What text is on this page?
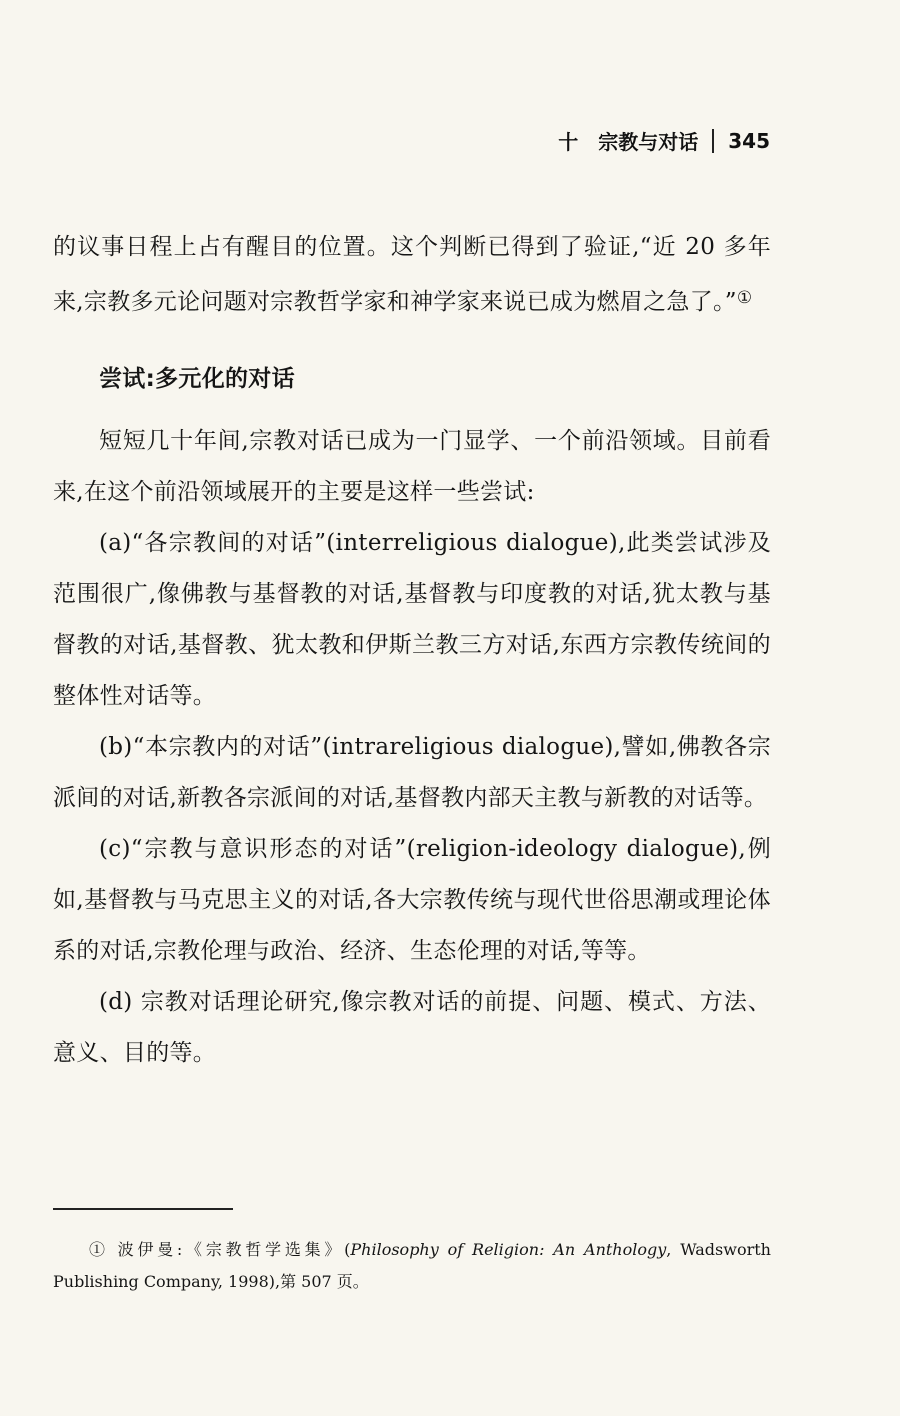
十 宗教与对话 345

的议事日程上占有醒目的位置。这个判断已得到了验证,“近 20 多年来,宗教多元论问题对宗教哲学家和神学家来说已成为燃眉之急了。”①

尝试:多元化的对话

短短几十年间,宗教对话已成为一门显学、一个前沿领域。目前看来,在这个前沿领域展开的主要是这样一些尝试:

(a)“各宗教间的对话”(interreligious dialogue),此类尝试涉及范围很广,像佛教与基督教的对话,基督教与印度教的对话,犹太教与基督教的对话,基督教、犹太教和伊斯兰教三方对话,东西方宗教传统间的整体性对话等。

(b)“本宗教内的对话”(intrareligious dialogue),譬如,佛教各宗派间的对话,新教各宗派间的对话,基督教内部天主教与新教的对话等。

(c)“宗教与意识形态的对话”(religion-ideology dialogue),例如,基督教与马克思主义的对话,各大宗教传统与现代世俗思潮或理论体系的对话,宗教伦理与政治、经济、生态伦理的对话,等等。

(d) 宗教对话理论研究,像宗教对话的前提、问题、模式、方法、意义、目的等。

① 波伊曼:《宗教哲学选集》(Philosophy of Religion: An Anthology, Wadsworth Publishing Company, 1998),第 507 页。
